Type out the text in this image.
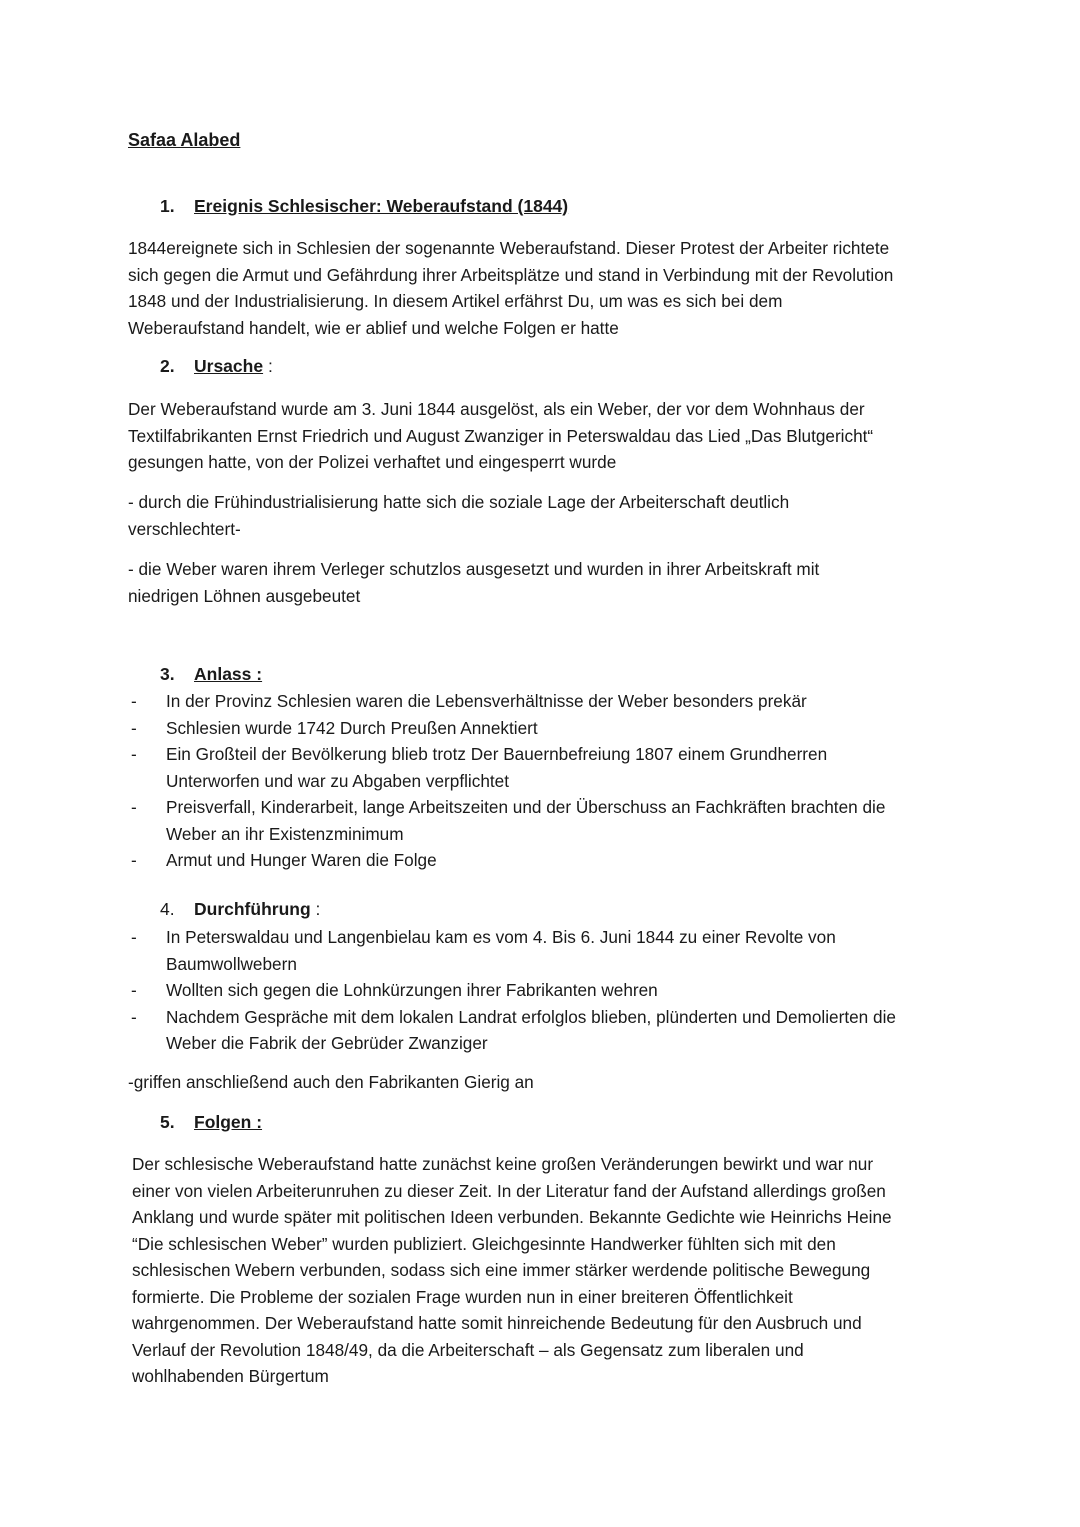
Safaa Alabed
1. Ereignis Schlesischer: Weberaufstand (1844)
1844ereignete sich in Schlesien der sogenannte Weberaufstand. Dieser Protest der Arbeiter richtete
sich gegen die Armut und Gefährdung ihrer Arbeitsplätze und stand in Verbindung mit der Revolution
1848 und der Industrialisierung. In diesem Artikel erfährst Du, um was es sich bei dem
Weberaufstand handelt, wie er ablief und welche Folgen er hatte
2. Ursache :
Der Weberaufstand wurde am 3. Juni 1844 ausgelöst, als ein Weber, der vor dem Wohnhaus der
Textilfabrikanten Ernst Friedrich und August Zwanziger in Peterswaldau das Lied „Das Blutgericht“
gesungen hatte, von der Polizei verhaftet und eingesperrt wurde
- durch die Frühindustrialisierung hatte sich die soziale Lage der Arbeiterschaft deutlich
verschlechtert-
- die Weber waren ihrem Verleger schutzlos ausgesetzt und wurden in ihrer Arbeitskraft mit
niedrigen Löhnen ausgebeutet
3. Anlass :
- In der Provinz Schlesien waren die Lebensverhältnisse der Weber besonders prekär
- Schlesien wurde 1742 Durch Preußen Annektiert
- Ein Großteil der Bevölkerung blieb trotz Der Bauernbefreiung 1807 einem Grundherren
Unterworfen und war zu Abgaben verpflichtet
- Preisverfall, Kinderarbeit, lange Arbeitszeiten und der Überschuss an Fachkräften brachten die
Weber an ihr Existenzminimum
- Armut und Hunger Waren die Folge
4. Durchführung :
- In Peterswaldau und Langenbielau kam es vom 4. Bis 6. Juni 1844 zu einer Revolte von
Baumwollwebern
- Wollten sich gegen die Lohnkürzungen ihrer Fabrikanten wehren
- Nachdem Gespräche mit dem lokalen Landrat erfolglos blieben, plünderten und Demolierten die
Weber die Fabrik der Gebrüder Zwanziger
-griffen anschließend auch den Fabrikanten Gierig an
5. Folgen :
Der schlesische Weberaufstand hatte zunächst keine großen Veränderungen bewirkt und war nur
einer von vielen Arbeiterunruhen zu dieser Zeit. In der Literatur fand der Aufstand allerdings großen
Anklang und wurde später mit politischen Ideen verbunden. Bekannte Gedichte wie Heinrichs Heine
“Die schlesischen Weber” wurden publiziert. Gleichgesinnte Handwerker fühlten sich mit den
schlesischen Webern verbunden, sodass sich eine immer stärker werdende politische Bewegung
formierte. Die Probleme der sozialen Frage wurden nun in einer breiteren Öffentlichkeit
wahrgenommen. Der Weberaufstand hatte somit hinreichende Bedeutung für den Ausbruch und
Verlauf der Revolution 1848/49, da die Arbeiterschaft – als Gegensatz zum liberalen und
wohlhabenden Bürgertum
